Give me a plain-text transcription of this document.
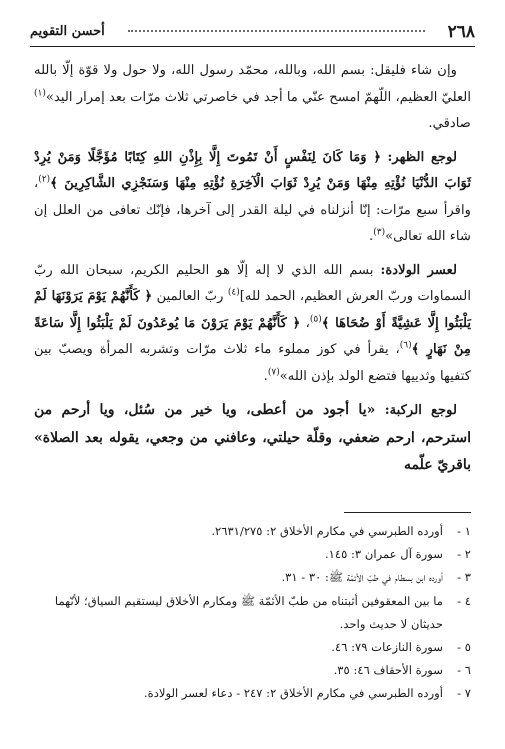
٢٦٨
أحسن التقويم

وإن شاء فليقل: بسم الله، وبالله، محمّد رسول الله، ولا حول ولا قوّة إلّا بالله العليّ العظيم، اللّهمّ امسح عنّي ما أجد في خاصرتي ثلاث مرّات بعد إمرار اليد»$^{(١)}$ صادقي.

لوجع الظهر: ﴿ وَمَا كَانَ لِنَفْسٍ أَنْ تَمُوتَ إِلَّا بِإِذْنِ اللهِ كِتَابًا مُؤَجَّلًا وَمَنْ يُرِدْ ثَوَابَ الدُّنْيَا نُؤْتِهِ مِنْهَا وَمَنْ يُرِدْ ثَوَابَ الْآخِرَةِ نُؤْتِهِ مِنْهَا وَسَنَجْزِي الشَّاكِرِينَ ﴾$^{(٢)}$، واقرأ سبع مرّات: إنّا أنزلناه في ليلة القدر إلى آخرها، فإنّك تعافى من العلل إن شاء الله تعالى»$^{(٣)}$.

لعسر الولادة: بسم الله الذي لا إله إلّا هو الحليم الكريم، سبحان الله ربّ السماوات وربّ العرش العظيم، الحمد لله]$^{(٤)}$ ربّ العالمين ﴿ كَأَنَّهُمْ يَوْمَ يَرَوْنَهَا لَمْ يَلْبَثُوا إِلَّا عَشِيَّةً أَوْ ضُحَاهَا ﴾$^{(٥)}$، ﴿ كَأَنَّهُمْ يَوْمَ يَرَوْنَ مَا يُوعَدُونَ لَمْ يَلْبَثُوا إِلَّا سَاعَةً مِنْ نَهَارٍ ﴾$^{(٦)}$، يقرأ في كوز مملوء ماء ثلاث مرّات وتشربه المرأة ويصبّ بين كتفيها وثدييها فتضع الولد بإذن الله»$^{(٧)}$.

لوجع الركبة: «يا أجود من أعطى، ويا خير من سُئل، ويا أرحم من استرحم، ارحم ضعفي، وقلّة حيلتي، وعافني من وجعي، يقوله بعد الصلاة» باقريّ علّمه

١ -
أورده الطبرسي في مكارم الأخلاق ٢: ٢٦٣١/٢٧٥.
٢ -
سورة آل عمران ٣: ١٤٥.
٣ -
أورده ابن بسطام في طبّ الأئمّة ﷺ: ٣٠ - ٣١.
٤ -
ما بين المعقوفين أثبتناه من طبّ الأئمّة ﷺ ومكارم الأخلاق ليستقيم السياق؛ لأنّهما حديثان لا حديث واحد.
٥ -
سورة النازعات ٧٩: ٤٦.
٦ -
سورة الأحقاف ٤٦: ٣٥.
٧ -
أورده الطبرسي في مكارم الأخلاق ٢: ٢٤٧ - دعاء لعسر الولادة.
